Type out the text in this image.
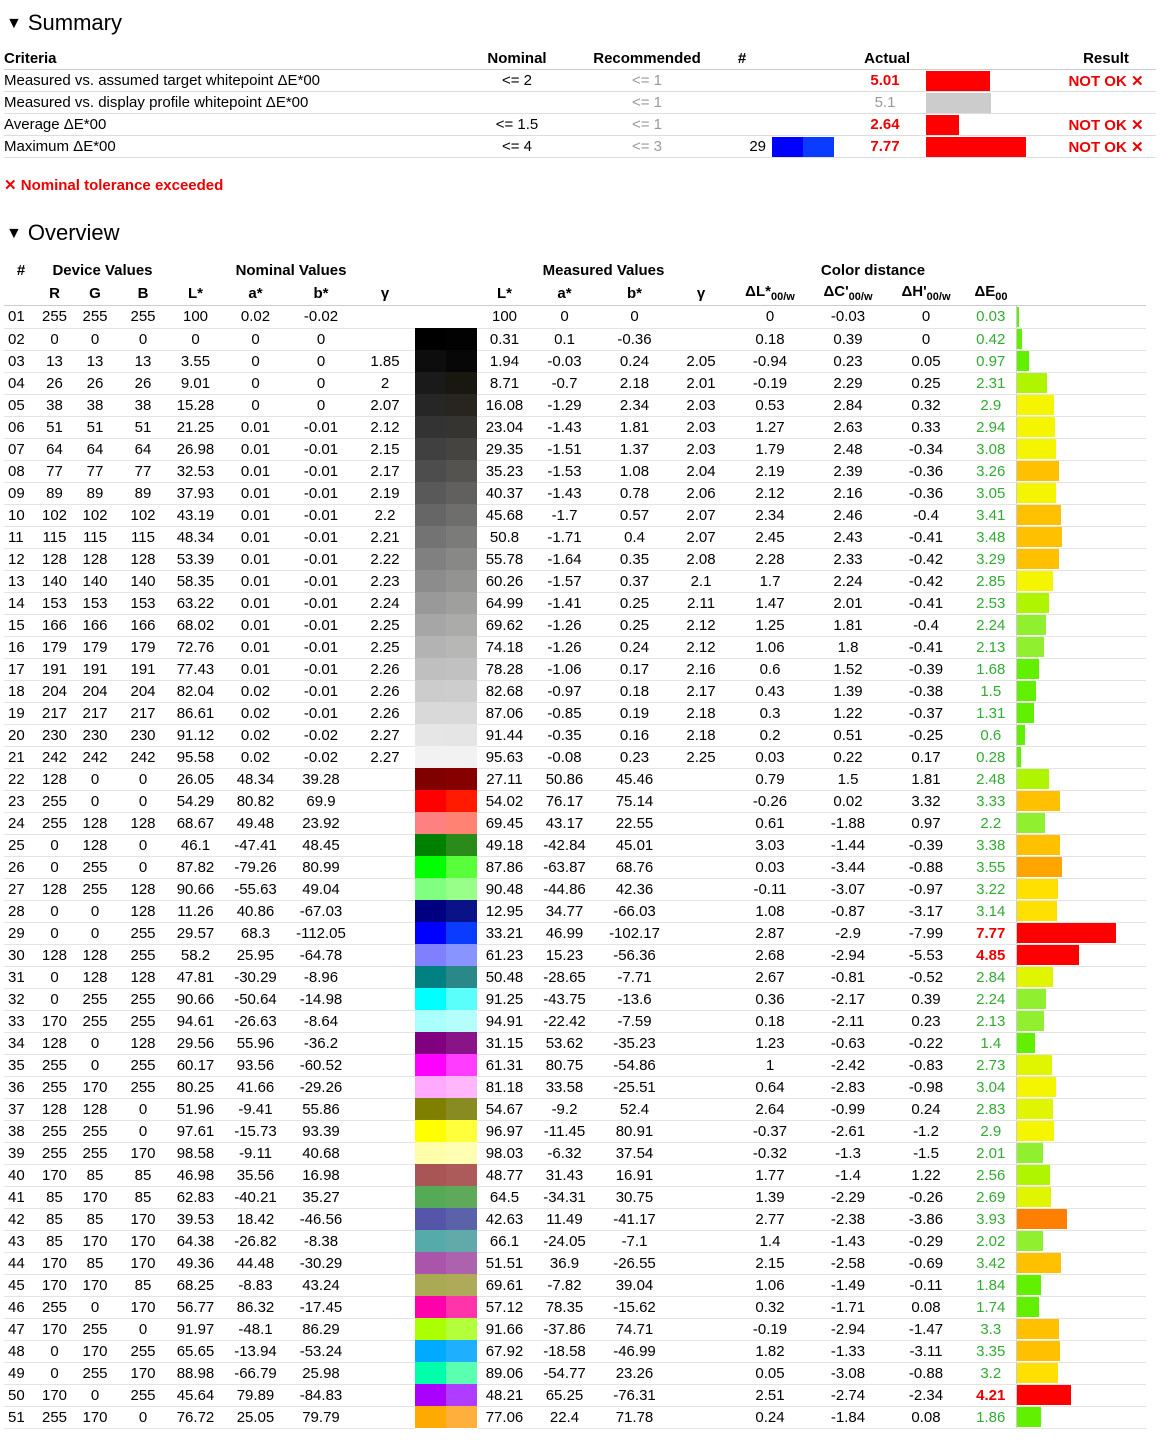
▼ Summary
Criteria	Nominal	Recommended	#	Actual			Result
Measured vs. assumed target whitepoint ΔE*00	<= 2	<= 1			5.01		NOT OK ✕
Measured vs. display profile whitepoint ΔE*00		<= 1			5.1		
Average ΔE*00	<= 1.5	<= 1			2.64		NOT OK ✕
Maximum ΔE*00	<= 4	<= 3	29		7.77		NOT OK ✕
✕ Nominal tolerance exceeded
▼ Overview
#	Device Values			Nominal Values					Measured Values				Color distance				
	R	G	B	L*	a*	b*	γ		L*	a*	b*	γ	$\Delta L*_{00/w}$	$\Delta C'_{00/w}$	$\Delta H'_{00/w}$	$\Delta E_{00}$	
01	255	255	255	100	0.02	-0.02			100	0	0		0	-0.03	0	0.03	

02	0	0	0	0	0	0			0.31	0.1	-0.36		0.18	0.39	0	0.42	

03	13	13	13	3.55	0	0	1.85		1.94	-0.03	0.24	2.05	-0.94	0.23	0.05	0.97	

04	26	26	26	9.01	0	0	2		8.71	-0.7	2.18	2.01	-0.19	2.29	0.25	2.31	

05	38	38	38	15.28	0	0	2.07		16.08	-1.29	2.34	2.03	0.53	2.84	0.32	2.9	

06	51	51	51	21.25	0.01	-0.01	2.12		23.04	-1.43	1.81	2.03	1.27	2.63	0.33	2.94	

07	64	64	64	26.98	0.01	-0.01	2.15		29.35	-1.51	1.37	2.03	1.79	2.48	-0.34	3.08	

08	77	77	77	32.53	0.01	-0.01	2.17		35.23	-1.53	1.08	2.04	2.19	2.39	-0.36	3.26	

09	89	89	89	37.93	0.01	-0.01	2.19		40.37	-1.43	0.78	2.06	2.12	2.16	-0.36	3.05	

10	102	102	102	43.19	0.01	-0.01	2.2		45.68	-1.7	0.57	2.07	2.34	2.46	-0.4	3.41	

11	115	115	115	48.34	0.01	-0.01	2.21		50.8	-1.71	0.4	2.07	2.45	2.43	-0.41	3.48	

12	128	128	128	53.39	0.01	-0.01	2.22		55.78	-1.64	0.35	2.08	2.28	2.33	-0.42	3.29	

13	140	140	140	58.35	0.01	-0.01	2.23		60.26	-1.57	0.37	2.1	1.7	2.24	-0.42	2.85	

14	153	153	153	63.22	0.01	-0.01	2.24		64.99	-1.41	0.25	2.11	1.47	2.01	-0.41	2.53	

15	166	166	166	68.02	0.01	-0.01	2.25		69.62	-1.26	0.25	2.12	1.25	1.81	-0.4	2.24	

16	179	179	179	72.76	0.01	-0.01	2.25		74.18	-1.26	0.24	2.12	1.06	1.8	-0.41	2.13	

17	191	191	191	77.43	0.01	-0.01	2.26		78.28	-1.06	0.17	2.16	0.6	1.52	-0.39	1.68	

18	204	204	204	82.04	0.02	-0.01	2.26		82.68	-0.97	0.18	2.17	0.43	1.39	-0.38	1.5	

19	217	217	217	86.61	0.02	-0.01	2.26		87.06	-0.85	0.19	2.18	0.3	1.22	-0.37	1.31	

20	230	230	230	91.12	0.02	-0.02	2.27		91.44	-0.35	0.16	2.18	0.2	0.51	-0.25	0.6	

21	242	242	242	95.58	0.02	-0.02	2.27		95.63	-0.08	0.23	2.25	0.03	0.22	0.17	0.28	

22	128	0	0	26.05	48.34	39.28			27.11	50.86	45.46		0.79	1.5	1.81	2.48	

23	255	0	0	54.29	80.82	69.9			54.02	76.17	75.14		-0.26	0.02	3.32	3.33	

24	255	128	128	68.67	49.48	23.92			69.45	43.17	22.55		0.61	-1.88	0.97	2.2	

25	0	128	0	46.1	-47.41	48.45			49.18	-42.84	45.01		3.03	-1.44	-0.39	3.38	

26	0	255	0	87.82	-79.26	80.99			87.86	-63.87	68.76		0.03	-3.44	-0.88	3.55	

27	128	255	128	90.66	-55.63	49.04			90.48	-44.86	42.36		-0.11	-3.07	-0.97	3.22	

28	0	0	128	11.26	40.86	-67.03			12.95	34.77	-66.03		1.08	-0.87	-3.17	3.14	

29	0	0	255	29.57	68.3	-112.05			33.21	46.99	-102.17		2.87	-2.9	-7.99	7.77	

30	128	128	255	58.2	25.95	-64.78			61.23	15.23	-56.36		2.68	-2.94	-5.53	4.85	

31	0	128	128	47.81	-30.29	-8.96			50.48	-28.65	-7.71		2.67	-0.81	-0.52	2.84	

32	0	255	255	90.66	-50.64	-14.98			91.25	-43.75	-13.6		0.36	-2.17	0.39	2.24	

33	170	255	255	94.61	-26.63	-8.64			94.91	-22.42	-7.59		0.18	-2.11	0.23	2.13	

34	128	0	128	29.56	55.96	-36.2			31.15	53.62	-35.23		1.23	-0.63	-0.22	1.4	

35	255	0	255	60.17	93.56	-60.52			61.31	80.75	-54.86		1	-2.42	-0.83	2.73	

36	255	170	255	80.25	41.66	-29.26			81.18	33.58	-25.51		0.64	-2.83	-0.98	3.04	

37	128	128	0	51.96	-9.41	55.86			54.67	-9.2	52.4		2.64	-0.99	0.24	2.83	

38	255	255	0	97.61	-15.73	93.39			96.97	-11.45	80.91		-0.37	-2.61	-1.2	2.9	

39	255	255	170	98.58	-9.11	40.68			98.03	-6.32	37.54		-0.32	-1.3	-1.5	2.01	

40	170	85	85	46.98	35.56	16.98			48.77	31.43	16.91		1.77	-1.4	1.22	2.56	

41	85	170	85	62.83	-40.21	35.27			64.5	-34.31	30.75		1.39	-2.29	-0.26	2.69	

42	85	85	170	39.53	18.42	-46.56			42.63	11.49	-41.17		2.77	-2.38	-3.86	3.93	

43	85	170	170	64.38	-26.82	-8.38			66.1	-24.05	-7.1		1.4	-1.43	-0.29	2.02	

44	170	85	170	49.36	44.48	-30.29			51.51	36.9	-26.55		2.15	-2.58	-0.69	3.42	

45	170	170	85	68.25	-8.83	43.24			69.61	-7.82	39.04		1.06	-1.49	-0.11	1.84	

46	255	0	170	56.77	86.32	-17.45			57.12	78.35	-15.62		0.32	-1.71	0.08	1.74	

47	170	255	0	91.97	-48.1	86.29			91.66	-37.86	74.71		-0.19	-2.94	-1.47	3.3	

48	0	170	255	65.65	-13.94	-53.24			67.92	-18.58	-46.99		1.82	-1.33	-3.11	3.35	

49	0	255	170	88.98	-66.79	25.98			89.06	-54.77	23.26		0.05	-3.08	-0.88	3.2	

50	170	0	255	45.64	79.89	-84.83			48.21	65.25	-76.31		2.51	-2.74	-2.34	4.21	

51	255	170	0	76.72	25.05	79.79			77.06	22.4	71.78		0.24	-1.84	0.08	1.86	
